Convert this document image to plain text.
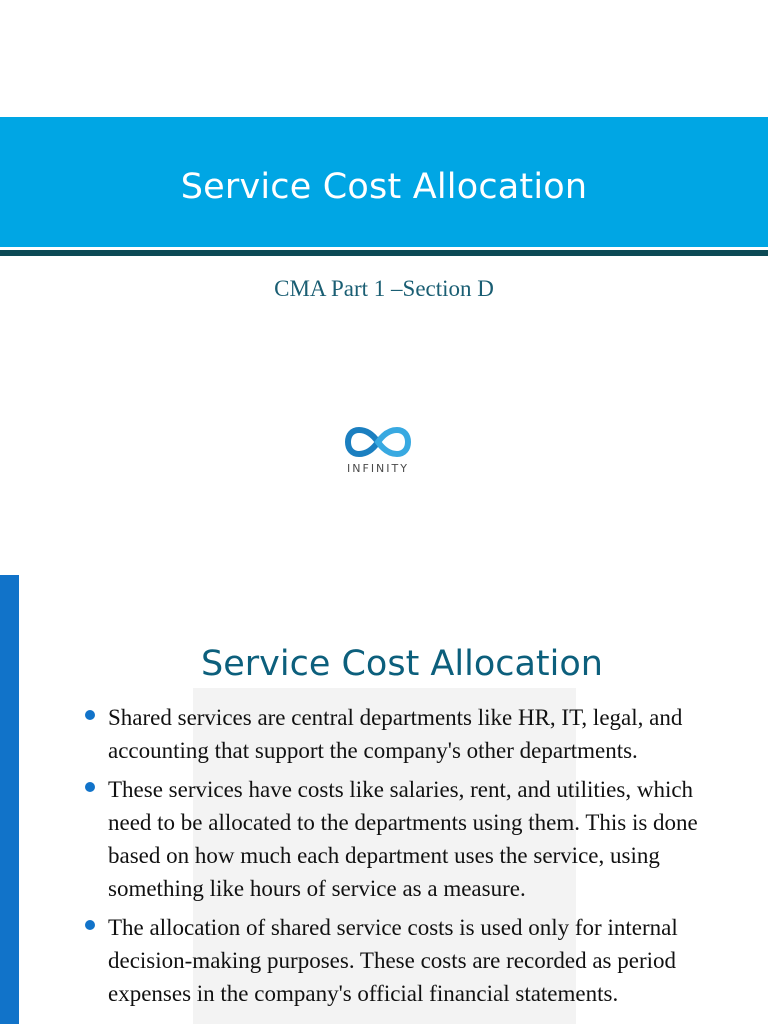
Service Cost Allocation
CMA Part 1 –Section D
INFINITY
Service Cost Allocation
Shared services are central departments like HR, IT, legal, and accounting that support the company's other departments.
These services have costs like salaries, rent, and utilities, which need to be allocated to the departments using them. This is done based on how much each department uses the service, using something like hours of service as a measure.
The allocation of shared service costs is used only for internal decision-making purposes. These costs are recorded as period expenses in the company's official financial statements.
